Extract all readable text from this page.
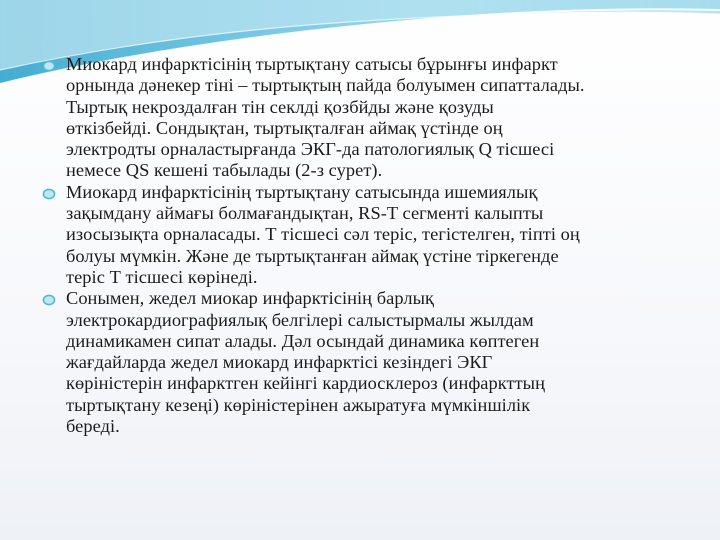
Миокард инфарктісінің тыртықтану сатысы бұрынғы инфаркт
орнында дәнекер тіні – тыртықтың пайда болуымен сипатталады.
Тыртық некроздалған тін секлді қозбйды және қозуды
өткізбейді. Сондықтан, тыртықталған аймақ үстінде оң
электродты орналастырғанда ЭКГ-да патологиялық Q тісшесі
немесе QS кешені табылады (2-з сурет).
Миокард инфарктісінің тыртықтану сатысында ишемиялық
зақымдану аймағы болмағандықтан, RS-T сегменті калыпты
изосызықта орналасады. Т тісшесі сәл теріс, тегістелген, тіпті оң
болуы мүмкін. Және де тыртықтанған аймақ үстіне тіркегенде
теріс Т тісшесі көрінеді.
Сонымен, жедел миокар инфарктісінің барлық
электрокардиографиялық белгілері салыстырмалы жылдам
динамикамен сипат алады. Дәл осындай динамика көптеген
жағдайларда жедел миокард инфарктісі кезіндегі ЭКГ
көріністерін инфарктген кейінгі кардиосклероз (инфаркттың
тыртықтану кезеңі) көріністерінен ажыратуға мүмкіншілік
береді.
